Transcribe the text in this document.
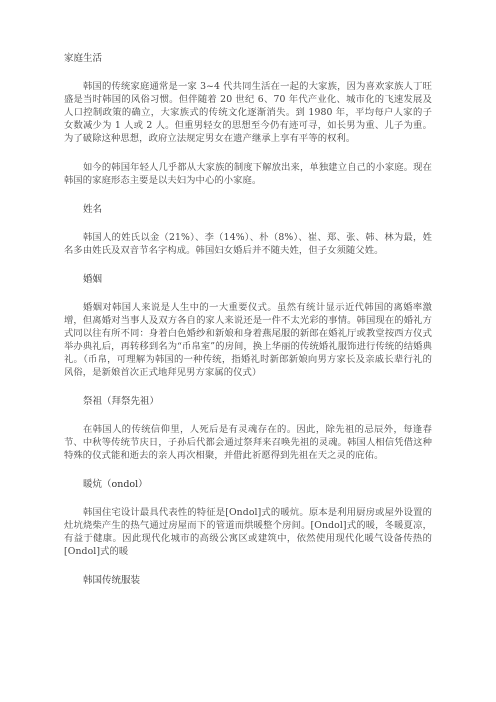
家庭生活

韩国的传统家庭通常是一家 3~4 代共同生活在一起的大家族，因为喜欢家族人丁旺盛是当时韩国的风俗习惯。但伴随着 20 世纪 6、70 年代产业化、城市化的飞速发展及人口控制政策的确立，大家族式的传统文化逐渐消失。到 1980 年，平均每户人家的子女数减少为 1 人或 2 人。但重男轻女的思想至今仍有迹可寻，如长男为重、儿子为重。为了破除这种思想，政府立法规定男女在遗产继承上享有平等的权利。

如今的韩国年轻人几乎都从大家族的制度下解放出来，单独建立自己的小家庭。现在韩国的家庭形态主要是以夫妇为中心的小家庭。

姓名

韩国人的姓氏以金（21%）、李（14%）、朴（8%）、崔、郑、张、韩、林为最，姓名多由姓氏及双音节名字构成。韩国妇女婚后并不随夫姓，但子女须随父姓。

婚姻

婚姻对韩国人来说是人生中的一大重要仪式。虽然有统计显示近代韩国的离婚率激增，但离婚对当事人及双方各自的家人来说还是一件不太光彩的事情。韩国现在的婚礼方式同以往有所不同：身着白色婚纱和新娘和身着燕尾服的新郎在婚礼厅或教堂按西方仪式举办典礼后，再转移到名为“币帛室”的房间，换上华丽的传统婚礼服饰进行传统的结婚典礼。（币帛，可理解为韩国的一种传统，指婚礼时新郎新娘向男方家长及亲戚长辈行礼的风俗，是新娘首次正式地拜见男方家属的仪式）

祭祖（拜祭先祖）

在韩国人的传统信仰里，人死后是有灵魂存在的。因此，除先祖的忌辰外，每逢春节、中秋等传统节庆日，子孙后代都会通过祭拜来召唤先祖的灵魂。韩国人相信凭借这种特殊的仪式能和逝去的亲人再次相聚，并借此祈愿得到先祖在天之灵的庇佑。

暖炕（ondol）

韩国住宅设计最具代表性的特征是[Ondol]式的暖炕。原本是利用厨房或屋外设置的灶坑烧柴产生的热气通过房屋而下的管道而烘暖整个房间。[Ondol]式的暖，冬暖夏凉，有益于健康。因此现代化城市的高级公寓区或建筑中，依然使用现代化暖气设备传热的[Ondol]式的暖

韩国传统服装
